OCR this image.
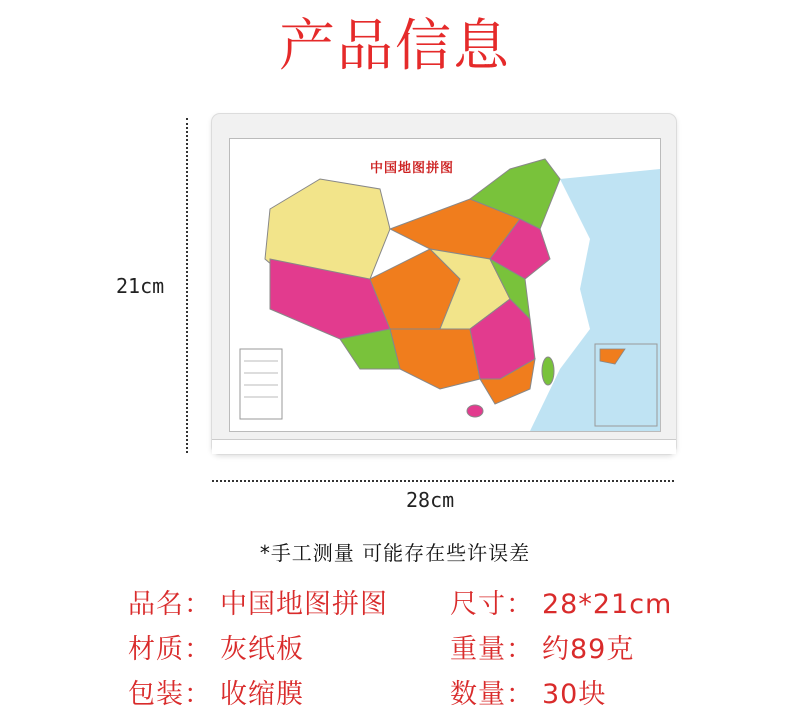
产品信息
21cm
中国地图拼图
28cm
*手工测量 可能存在些许误差
品名： 中国地图拼图 尺寸： 28*21cm
材质： 灰纸板	重量： 约89克
包装： 收缩膜	数量： 30块
